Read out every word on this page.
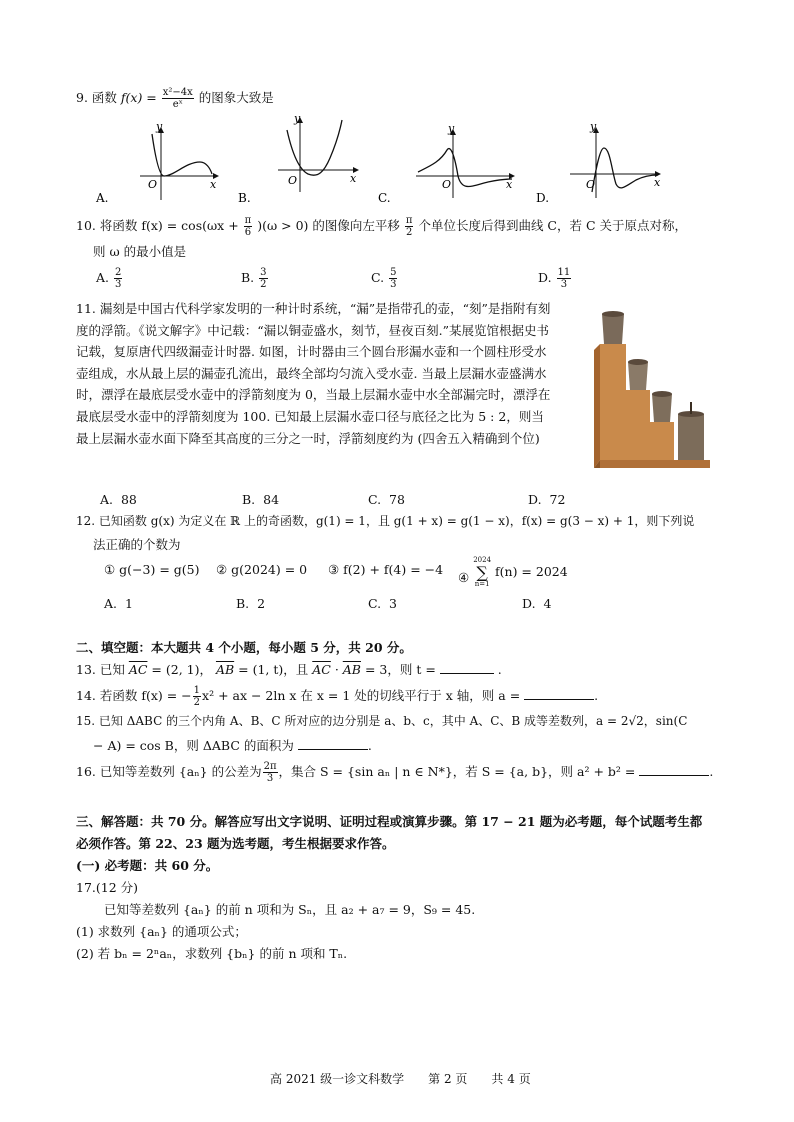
9. 函数 $f(x) = \frac{\text{x²−4x}}{\text{eˣ}}$ 的图象大致是
y
x
O
A.
y
x
O
B.
y
x
O
C.
y
x
O
D.
10. 将函数 $f(x) = \cos(\omega x + \frac{\pi}{6} )(\omega > 0)$ 的图像向左平移 $\frac{\pi}{2}$ 个单位长度后得到曲线 C，若 C 关于原点对称，
则 ω 的最小值是
A. $\frac{2}{3}$	B. $\frac{3}{2}$	C. $\frac{5}{3}$	D. $\frac{11}{3}$
11. 漏刻是中国古代科学家发明的一种计时系统，“漏”是指带孔的壶，“刻”是指附有刻度的浮箭。《说文解字》中记载：“漏以铜壶盛水，刻节，昼夜百刻.”某展览馆根据史书记载，复原唐代四级漏壶计时器. 如图，计时器由三个圆台形漏水壶和一个圆柱形受水壶组成，水从最上层的漏壶孔流出，最终全部均匀流入受水壶. 当最上层漏水壶盛满水时，漂浮在最底层受水壶中的浮箭刻度为 0，当最上层漏水壶中水全部漏完时，漂浮在最底层受水壶中的浮箭刻度为 100. 已知最上层漏水壶口径与底径之比为 5 : 2，则当最上层漏水壶水面下降至其高度的三分之一时，浮箭刻度约为 (四舍五入精确到个位)
A. 88	B. 84	C. 78	D. 72
12. 已知函数 g(x) 为定义在 ℝ 上的奇函数，g(1) = 1，且 g(1 + x) = g(1 − x)，f(x) = g(3 − x) + 1，则下列说
法正确的个数为
① g(−3) = g(5) ② g(2024) = 0 ③ f(2) + f(4) = −4
④
2024
∑
n=1
f(n) = 2024
A. 1	B. 2	C. 3	D. 4
二、填空题：本大题共 4 个小题，每小题 5 分，共 20 分。
13. 已知 $\overline{AC} = (2$, 1)， $\overline{AB} = (1$, t)，且 $\overline{AC} \cdot \overline{AB} = 3$，则 t =	.
14. 若函数 f(x) = − $\frac{1}{2} x^2$ + ax − 2ln x 在 x = 1 处的切线平行于 x 轴，则 a =	.
15. 已知 ΔABC 的三个内角 A、B、C 所对应的边分别是 a、b、c，其中 A、C、B 成等差数列，a = 2√2，sin(C
− A) = cos B，则 ΔABC 的面积为	.
16. 已知等差数列 {aₙ} 的公差为 $\frac{2\pi}{3}$ ，集合 S = {sin aₙ | n ∈ N*}，若 S = {a, b}，则 a² + b² =	.
三、解答题：共 70 分。解答应写出文字说明、证明过程或演算步骤。第 17 − 21 题为必考题，每个试题考生都
必须作答。第 22、23 题为选考题，考生根据要求作答。
(一) 必考题：共 60 分。
17.(12 分)
已知等差数列 {aₙ} 的前 n 项和为 Sₙ，且 a₂ + a₇ = 9，S₉ = 45.
(1) 求数列 {aₙ} 的通项公式；
(2) 若 bₙ = 2ⁿaₙ，求数列 {bₙ} 的前 n 项和 Tₙ.
高 2021 级一诊文科数学　　第 2 页　　共 4 页
